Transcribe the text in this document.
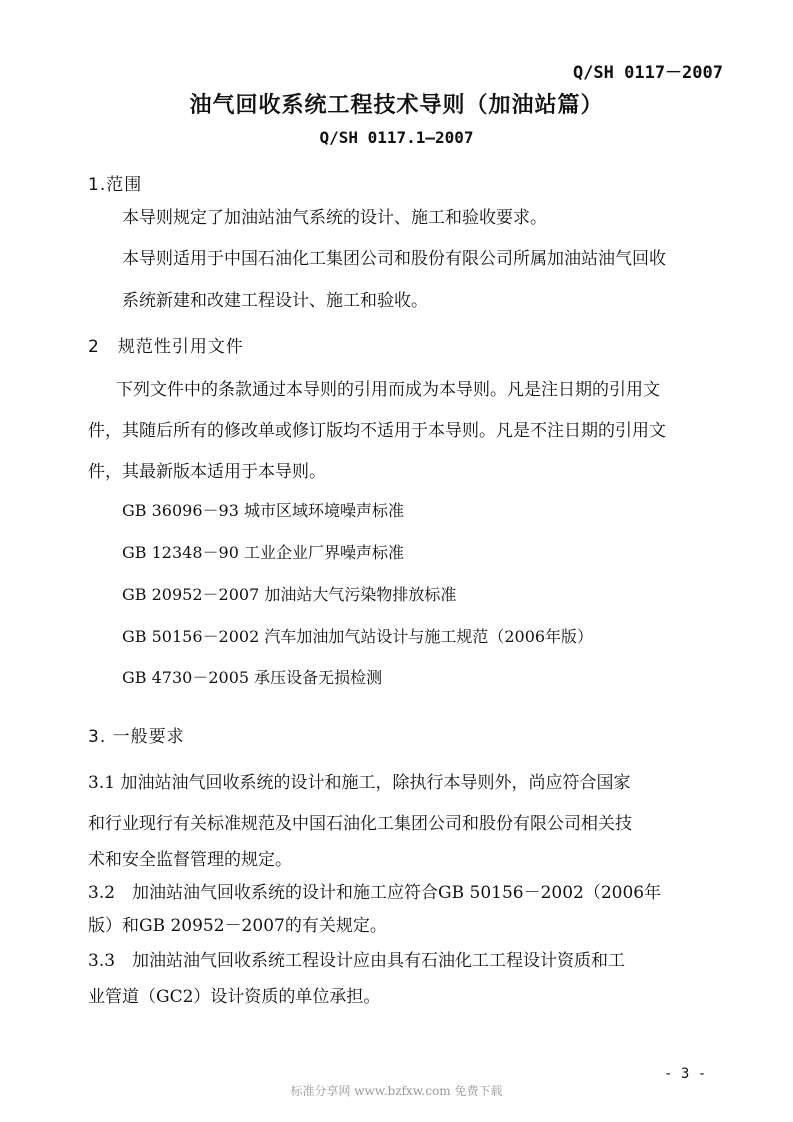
Q/SH 0117－2007
油气回收系统工程技术导则（加油站篇）
Q/SH 0117.1—2007
1.范围
本导则规定了加油站油气系统的设计、施工和验收要求。
本导则适用于中国石油化工集团公司和股份有限公司所属加油站油气回收
系统新建和改建工程设计、施工和验收。
2　规范性引用文件
下列文件中的条款通过本导则的引用而成为本导则。凡是注日期的引用文
件，其随后所有的修改单或修订版均不适用于本导则。凡是不注日期的引用文
件，其最新版本适用于本导则。
GB 36096－93 城市区域环境噪声标准
GB 12348－90 工业企业厂界噪声标准
GB 20952－2007 加油站大气污染物排放标准
GB 50156－2002 汽车加油加气站设计与施工规范（2006年版）
GB 4730－2005 承压设备无损检测
3. 一般要求
3.1 加油站油气回收系统的设计和施工，除执行本导则外，尚应符合国家
和行业现行有关标准规范及中国石油化工集团公司和股份有限公司相关技
术和安全监督管理的规定。
3.2　加油站油气回收系统的设计和施工应符合GB 50156－2002（2006年
版）和GB 20952－2007的有关规定。
3.3　加油站油气回收系统工程设计应由具有石油化工工程设计资质和工
业管道（GC2）设计资质的单位承担。
- 3 -
标准分享网 www.bzfxw.com 免费下载
